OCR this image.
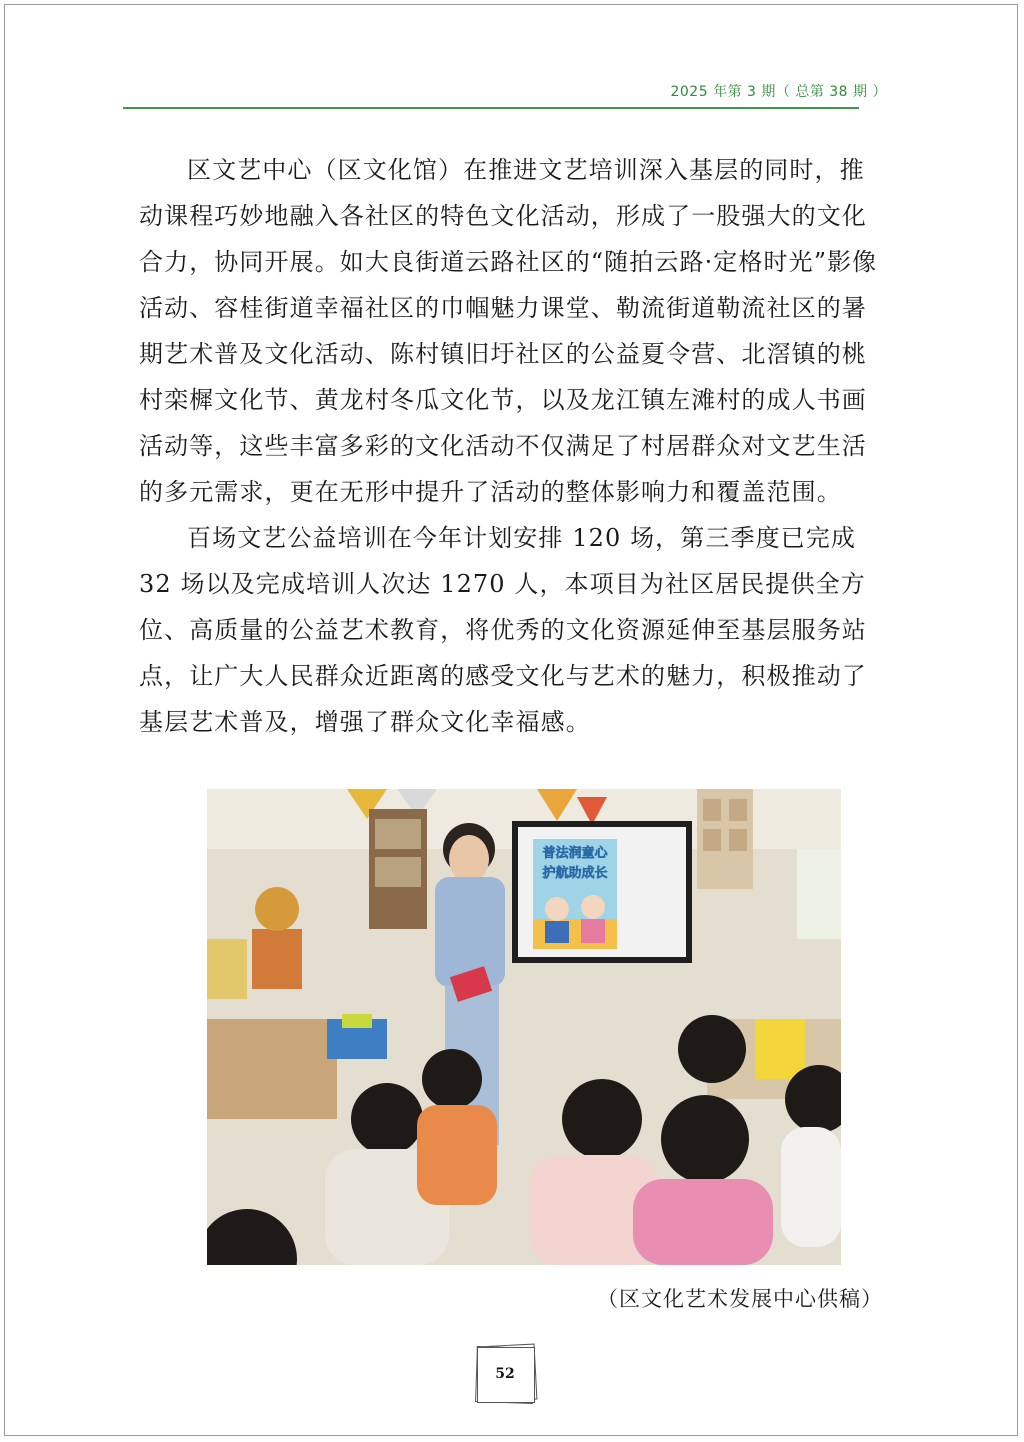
2025 年第 3 期（ 总第 38 期 ）

区文艺中心（区文化馆）在推进文艺培训深入基层的同时，推动课程巧妙地融入各社区的特色文化活动，形成了一股强大的文化合力，协同开展。如大良街道云路社区的“随拍云路·定格时光”影像活动、容桂街道幸福社区的巾帼魅力课堂、勒流街道勒流社区的暑期艺术普及文化活动、陈村镇旧圩社区的公益夏令营、北滘镇的桃村栾樨文化节、黄龙村冬瓜文化节，以及龙江镇左滩村的成人书画活动等，这些丰富多彩的文化活动不仅满足了村居群众对文艺生活的多元需求，更在无形中提升了活动的整体影响力和覆盖范围。

百场文艺公益培训在今年计划安排 120 场，第三季度已完成 32 场以及完成培训人次达 1270 人，本项目为社区居民提供全方位、高质量的公益艺术教育，将优秀的文化资源延伸至基层服务站点，让广大人民群众近距离的感受文化与艺术的魅力，积极推动了基层艺术普及，增强了群众文化幸福感。

普法润童心
护航助成长
（区文化艺术发展中心供稿）
52
